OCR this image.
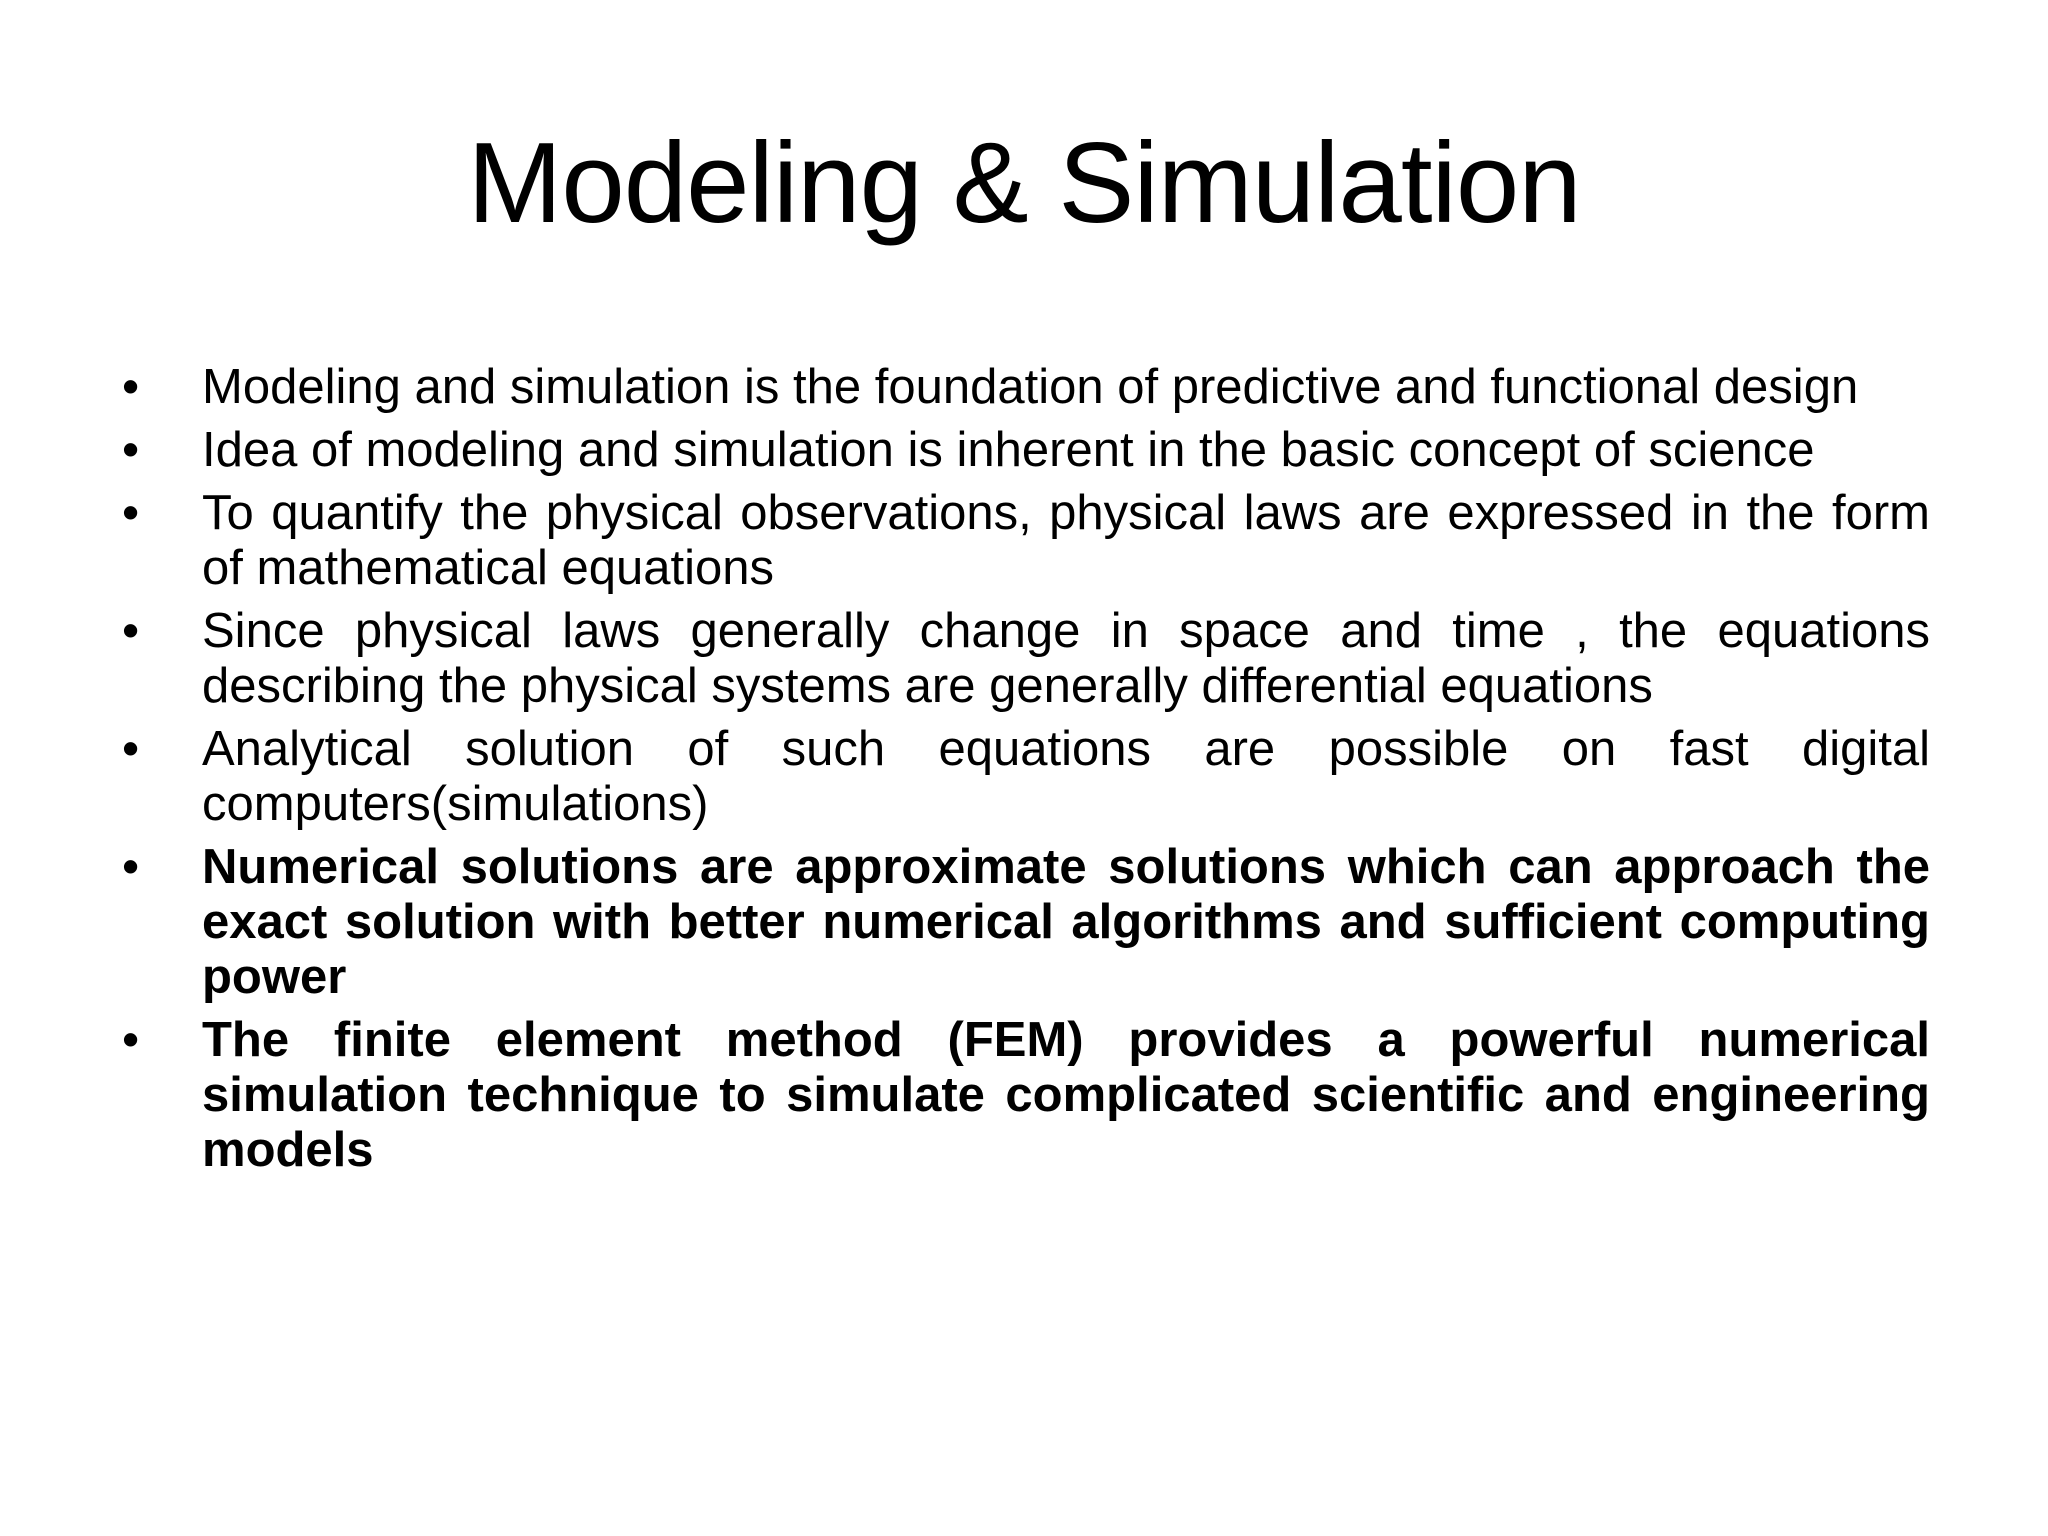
Modeling & Simulation
• Modeling and simulation is the foundation of predictive and functional design
• Idea of modeling and simulation is inherent in the basic concept of science
• To quantify the physical observations, physical laws are expressed in the form of mathematical equations
• Since physical laws generally change in space and time , the equations describing the physical systems are generally differential equations
• Analytical solution of such equations are possible on fast digital computers(simulations)
• Numerical solutions are approximate solutions which can approach the exact solution with better numerical algorithms and sufficient computing power
• The finite element method (FEM) provides a powerful numerical simulation technique to simulate complicated scientific and engineering models
